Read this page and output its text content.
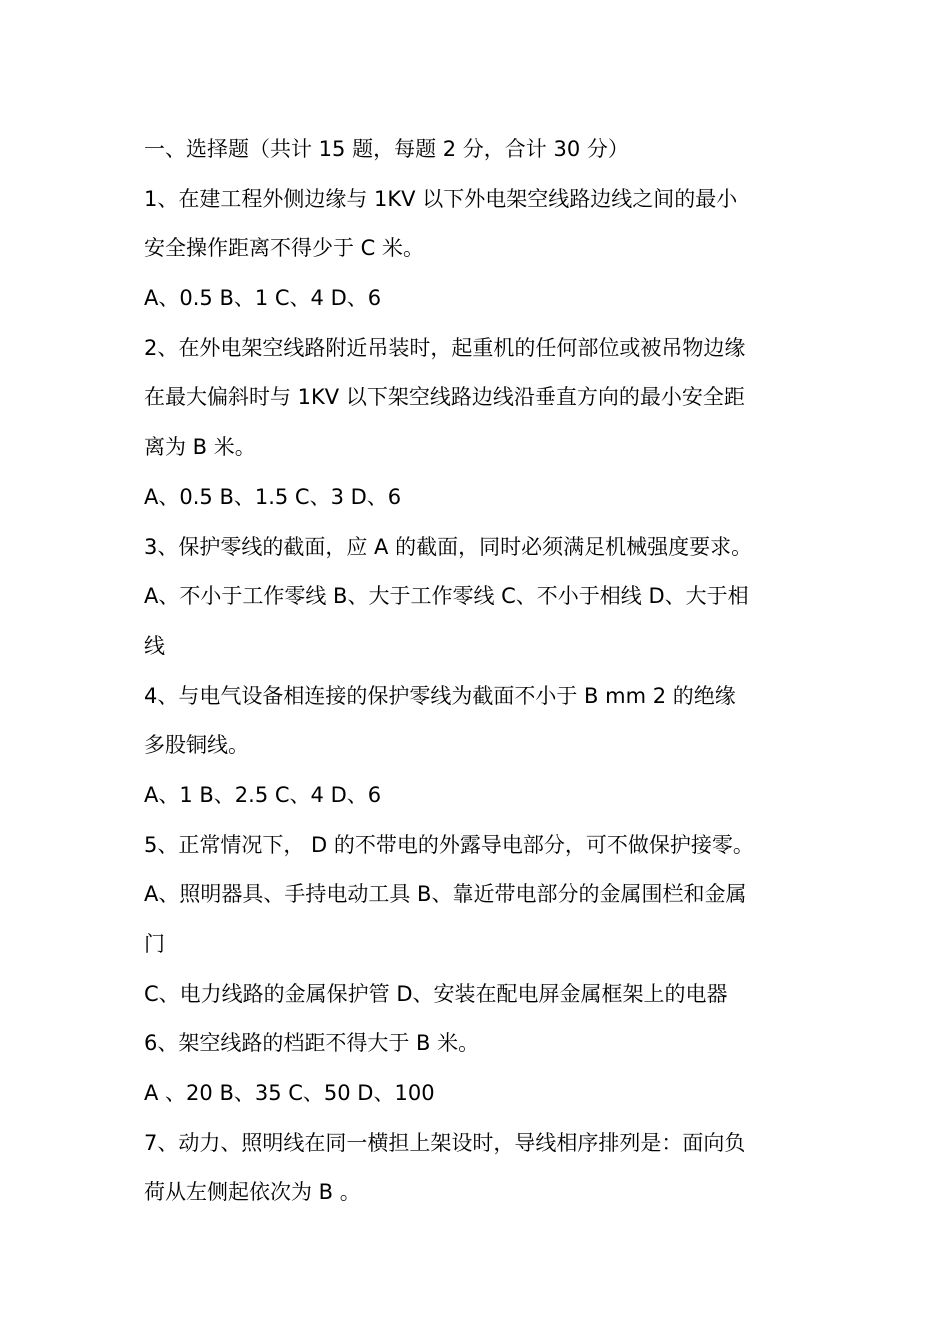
一、选择题（共计 15 题，每题 2 分，合计 30 分）
1、在建工程外侧边缘与 1KV 以下外电架空线路边线之间的最小
安全操作距离不得少于 C 米。
A、0.5 B、1 C、4 D、6
2、在外电架空线路附近吊装时，起重机的任何部位或被吊物边缘
在最大偏斜时与 1KV 以下架空线路边线沿垂直方向的最小安全距
离为 B 米。
A、0.5 B、1.5 C、3 D、6
3、保护零线的截面，应 A 的截面，同时必须满足机械强度要求。
A、不小于工作零线 B、大于工作零线 C、不小于相线 D、大于相
线
4、与电气设备相连接的保护零线为截面不小于 B mm 2 的绝缘
多股铜线。
A、1 B、2.5 C、4 D、6
5、正常情况下， D 的不带电的外露导电部分，可不做保护接零。
A、照明器具、手持电动工具 B、靠近带电部分的金属围栏和金属
门
C、电力线路的金属保护管 D、安装在配电屏金属框架上的电器
6、架空线路的档距不得大于 B 米。
A 、20 B、35 C、50 D、100
7、动力、照明线在同一横担上架设时，导线相序排列是：面向负
荷从左侧起依次为 B 。
